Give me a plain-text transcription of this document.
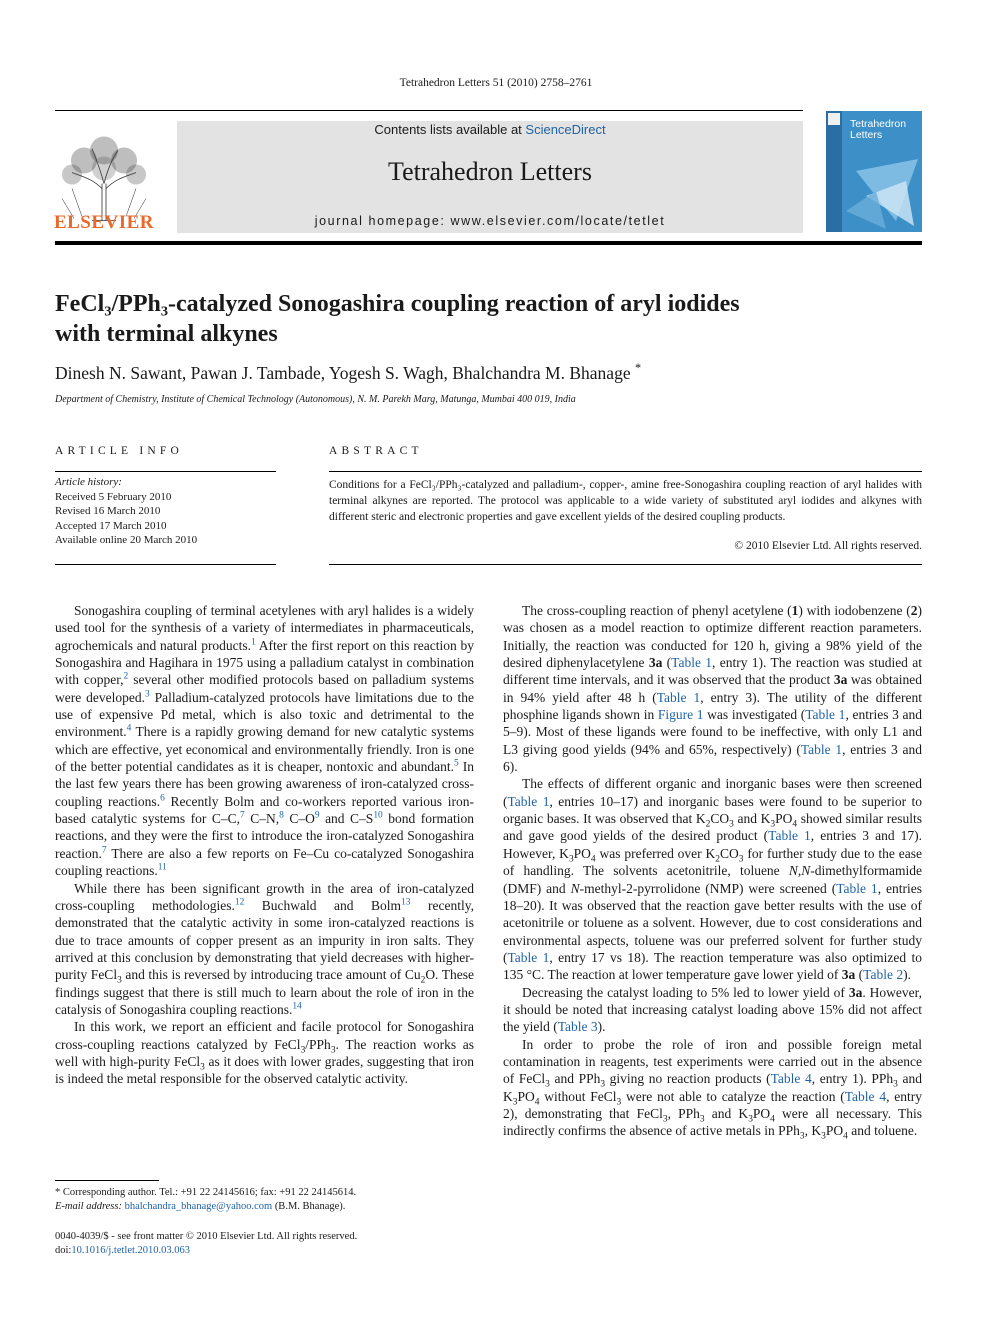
Tetrahedron Letters 51 (2010) 2758–2761
ELSEVIER
Contents lists available at ScienceDirect
Tetrahedron Letters
journal homepage: www.elsevier.com/locate/tetlet
Tetrahedron
Letters
FeCl₃/PPh₃-catalyzed Sonogashira coupling reaction of aryl iodides
with terminal alkynes
Dinesh N. Sawant, Pawan J. Tambade, Yogesh S. Wagh, Bhalchandra M. Bhanage *
Department of Chemistry, Institute of Chemical Technology (Autonomous), N. M. Parekh Marg, Matunga, Mumbai 400 019, India
ARTICLE INFO	ABSTRACT
Article history:
Received 5 February 2010
Revised 16 March 2010
Accepted 17 March 2010
Available online 20 March 2010
Conditions for a FeCl₃/PPh₃-catalyzed and palladium-, copper-, amine free-Sonogashira coupling reaction of aryl halides with terminal alkynes are reported. The protocol was applicable to a wide variety of substituted aryl iodides and alkynes with different steric and electronic properties and gave excellent yields of the desired coupling products.
© 2010 Elsevier Ltd. All rights reserved.

Sonogashira coupling of terminal acetylenes with aryl halides is a widely used tool for the synthesis of a variety of intermediates in pharmaceuticals, agrochemicals and natural products.$^1$ After the first report on this reaction by Sonogashira and Hagihara in 1975 using a palladium catalyst in combination with copper,$^2$ several other modified protocols based on palladium systems were developed.$^3$ Palladium-catalyzed protocols have limitations due to the use of expensive Pd metal, which is also toxic and detrimental to the environment.$^4$ There is a rapidly growing demand for new catalytic systems which are effective, yet economical and environmentally friendly. Iron is one of the better potential candidates as it is cheaper, nontoxic and abundant.$^5$ In the last few years there has been growing awareness of iron-catalyzed cross-coupling reactions.$^6$ Recently Bolm and co-workers reported various iron-based catalytic systems for C–C,$^7$ C–N,$^8$ C–O$^9$ and C–S$^{10}$ bond formation reactions, and they were the first to introduce the iron-catalyzed Sonogashira reaction.$^7$ There are also a few reports on Fe–Cu co-catalyzed Sonogashira coupling reactions.$^{11}$

While there has been significant growth in the area of iron-catalyzed cross-coupling methodologies.$^{12}$ Buchwald and Bolm$^{13}$ recently, demonstrated that the catalytic activity in some iron-catalyzed reactions is due to trace amounts of copper present as an impurity in iron salts. They arrived at this conclusion by demonstrating that yield decreases with higher-purity FeCl$_3$ and this is reversed by introducing trace amount of $Cu_2O$. These findings suggest that there is still much to learn about the role of iron in the catalysis of Sonogashira coupling reactions.$^{14}$

In this work, we report an efficient and facile protocol for Sonogashira cross-coupling reactions catalyzed by FeCl$_3$/PPh$_3$. The reaction works as well with high-purity FeCl$_3$ as it does with lower grades, suggesting that iron is indeed the metal responsible for the observed catalytic activity.

The cross-coupling reaction of phenyl acetylene (1) with iodobenzene (2) was chosen as a model reaction to optimize different reaction parameters. Initially, the reaction was conducted for 120 h, giving a 98% yield of the desired diphenylacetylene 3a (Table 1, entry 1). The reaction was studied at different time intervals, and it was observed that the product 3a was obtained in 94% yield after 48 h (Table 1, entry 3). The utility of the different phosphine ligands shown in Figure 1 was investigated (Table 1, entries 3 and 5–9). Most of these ligands were found to be ineffective, with only L1 and L3 giving good yields (94% and 65%, respectively) (Table 1, entries 3 and 6).

The effects of different organic and inorganic bases were then screened (Table 1, entries 10–17) and inorganic bases were found to be superior to organic bases. It was observed that $K_2CO_3$ and $K_3PO_4$ showed similar results and gave good yields of the desired product (Table 1, entries 3 and 17). However, $K_3PO_4$ was preferred over $K_2CO_3$ for further study due to the ease of handling. The solvents acetonitrile, toluene N,N-dimethylformamide (DMF) and N-methyl-2-pyrrolidone (NMP) were screened (Table 1, entries 18–20). It was observed that the reaction gave better results with the use of acetonitrile or toluene as a solvent. However, due to cost considerations and environmental aspects, toluene was our preferred solvent for further study (Table 1, entry 17 vs 18). The reaction temperature was also optimized to 135 °C. The reaction at lower temperature gave lower yield of 3a (Table 2).

Decreasing the catalyst loading to 5% led to lower yield of 3a. However, it should be noted that increasing catalyst loading above 15% did not affect the yield (Table 3).

In order to probe the role of iron and possible foreign metal contamination in reagents, test experiments were carried out in the absence of FeCl$_3$ and PPh$_3$ giving no reaction products (Table 4, entry 1). PPh$_3$ and $K_3PO_4$ without FeCl$_3$ were not able to catalyze the reaction (Table 4, entry 2), demonstrating that FeCl$_3$, PPh$_3$ and $K_3PO_4$ were all necessary. This indirectly confirms the absence of active metals in PPh$_3$, $K_3PO_4$ and toluene.

* Corresponding author. Tel.: +91 22 24145616; fax: +91 22 24145614.
E-mail address: bhalchandra_bhanage@yahoo.com (B.M. Bhanage).
0040-4039/$ - see front matter © 2010 Elsevier Ltd. All rights reserved.
doi:10.1016/j.tetlet.2010.03.063
